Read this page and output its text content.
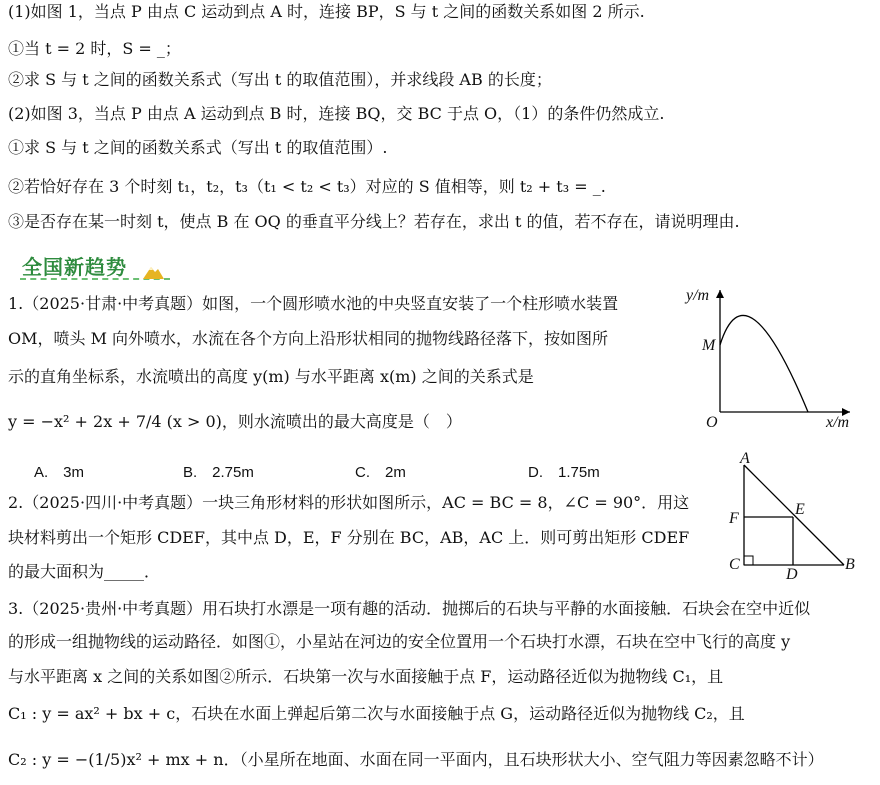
(1)如图 1，当点 P 由点 C 运动到点 A 时，连接 BP，S 与 t 之间的函数关系如图 2 所示.
①当 t = 2 时，S = _；
②求 S 与 t 之间的函数关系式（写出 t 的取值范围），并求线段 AB 的长度；
(2)如图 3，当点 P 由点 A 运动到点 B 时，连接 BQ，交 BC 于点 O，（1）的条件仍然成立.
①求 S 与 t 之间的函数关系式（写出 t 的取值范围）.
②若恰好存在 3 个时刻 t₁，t₂，t₃（t₁ < t₂ < t₃）对应的 S 值相等，则 t₂ + t₃ = _.
③是否存在某一时刻 t，使点 B 在 OQ 的垂直平分线上？若存在，求出 t 的值，若不存在，请说明理由.
全国新趋势
1.（2025·甘肃·中考真题）如图，一个圆形喷水池的中央竖直安装了一个柱形喷水装置
OM，喷头 M 向外喷水，水流在各个方向上沿形状相同的抛物线路径落下，按如图所
示的直角坐标系，水流喷出的高度 y(m) 与水平距离 x(m) 之间的关系式是
y = −x² + 2x + 7/4 (x > 0)，则水流喷出的最大高度是（　）
A.　3m	B.　2.75m	C.　2m	D.　1.75m
y/m
M
O	x/m
2.（2025·四川·中考真题）一块三角形材料的形状如图所示，AC = BC = 8，∠C = 90°．用这
块材料剪出一个矩形 CDEF，其中点 D，E，F 分别在 BC，AB，AC 上．则可剪出矩形 CDEF
的最大面积为_____．
A
E
F
C
D
B
3.（2025·贵州·中考真题）用石块打水漂是一项有趣的活动．抛掷后的石块与平静的水面接触．石块会在空中近似
的形成一组抛物线的运动路径．如图①，小星站在河边的安全位置用一个石块打水漂，石块在空中飞行的高度 y
与水平距离 x 之间的关系如图②所示．石块第一次与水面接触于点 F，运动路径近似为抛物线 C₁，且
C₁ : y = ax² + bx + c，石块在水面上弹起后第二次与水面接触于点 G，运动路径近似为抛物线 C₂，且
C₂ : y = −(1/5)x² + mx + n．（小星所在地面、水面在同一平面内，且石块形状大小、空气阻力等因素忽略不计）
